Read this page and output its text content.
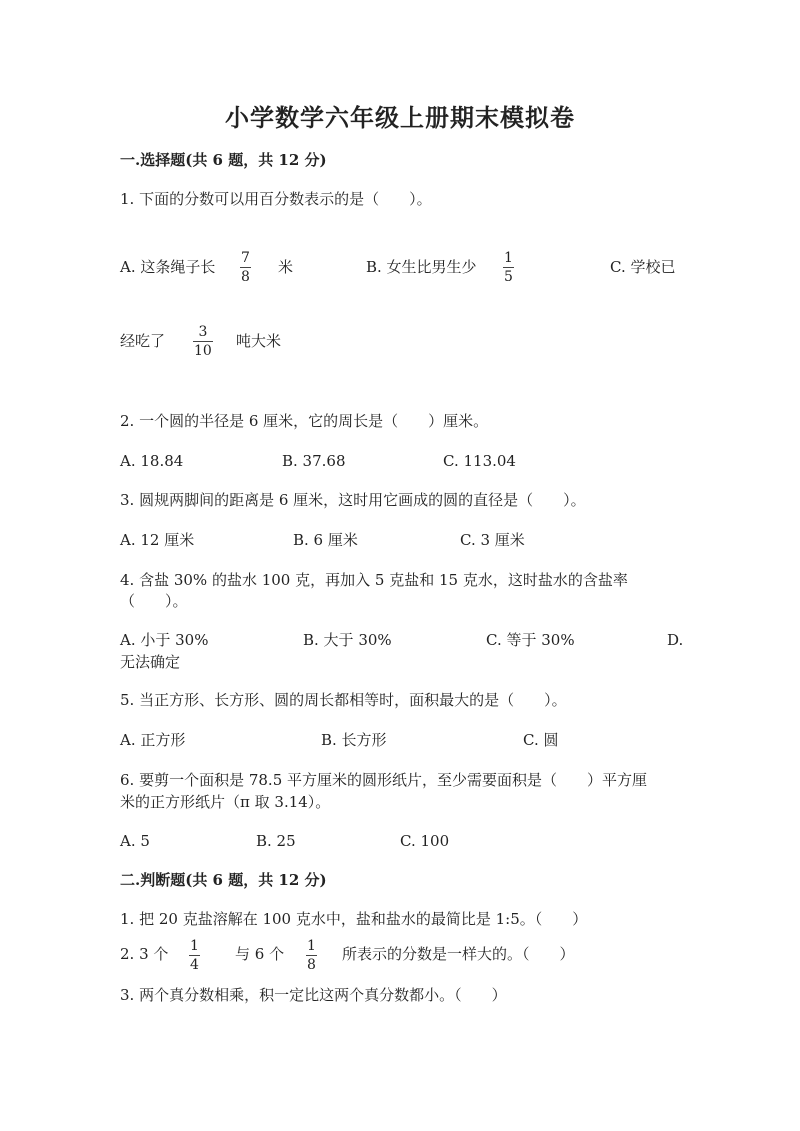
小学数学六年级上册期末模拟卷
一.选择题(共 6 题，共 12 分)
1. 下面的分数可以用百分数表示的是（　　）。
A. 这条绳子长 7
8
米	B. 女生比男生少 1
5
C. 学校已
经吃了 3
10
吨大米
2. 一个圆的半径是 6 厘米，它的周长是（　　）厘米。
A. 18.84	B. 37.68	C. 113.04
3. 圆规两脚间的距离是 6 厘米，这时用它画成的圆的直径是（　　）。
A. 12 厘米	B. 6 厘米	C. 3 厘米
4. 含盐 30% 的盐水 100 克，再加入 5 克盐和 15 克水，这时盐水的含盐率
（　　）。
A. 小于 30%	B. 大于 30%	C. 等于 30%	D.
无法确定
5. 当正方形、长方形、圆的周长都相等时，面积最大的是（　　）。
A. 正方形	B. 长方形	C. 圆
6. 要剪一个面积是 78.5 平方厘米的圆形纸片，至少需要面积是（　　）平方厘
米的正方形纸片（π 取 3.14）。
A. 5	B. 25	C. 100
二.判断题(共 6 题，共 12 分)
1. 把 20 克盐溶解在 100 克水中，盐和盐水的最简比是 1:5。（　　）
2. 3 个 1
4
与 6 个 1
8
所表示的分数是一样大的。（　　）
3. 两个真分数相乘，积一定比这两个真分数都小。（　　）
